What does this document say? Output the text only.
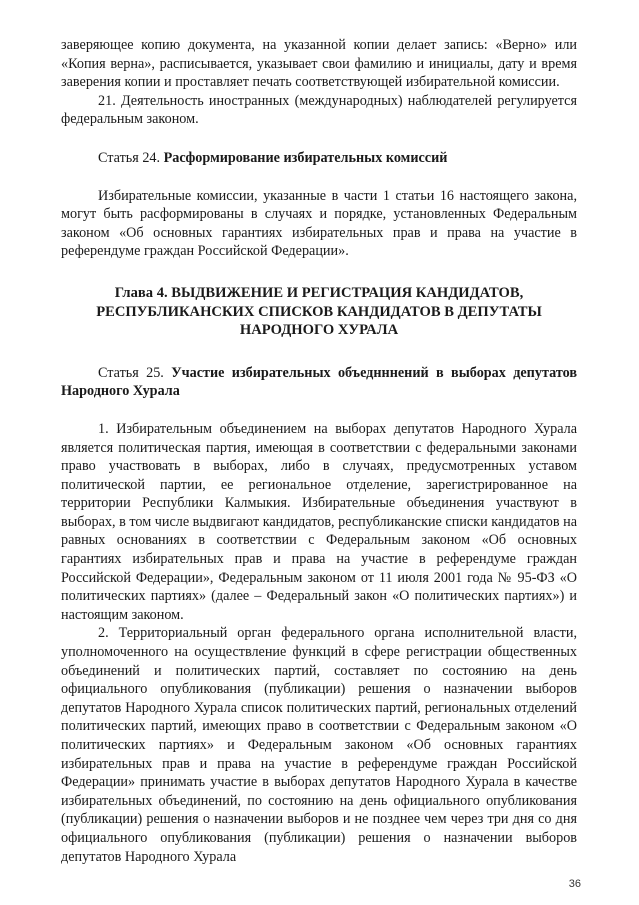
заверяющее копию документа, на указанной копии делает запись: «Верно» или «Копия верна», расписывается, указывает свои фамилию и инициалы, дату и время заверения копии и проставляет печать соответствующей избирательной комиссии.

21. Деятельность иностранных (международных) наблюдателей регулируется федеральным законом.

Статья 24. Расформирование избирательных комиссий

Избирательные комиссии, указанные в части 1 статьи 16 настоящего закона, могут быть расформированы в случаях и порядке, установленных Федеральным законом «Об основных гарантиях избирательных прав и права на участие в референдуме граждан Российской Федерации».

Глава 4. ВЫДВИЖЕНИЕ И РЕГИСТРАЦИЯ КАНДИДАТОВ, РЕСПУБЛИКАНСКИХ СПИСКОВ КАНДИДАТОВ В ДЕПУТАТЫ НАРОДНОГО ХУРАЛА

Статья 25. Участие избирательных объеднннений в выборах депутатов Народного Хурала

1. Избирательным объединением на выборах депутатов Народного Хурала является политическая партия, имеющая в соответствии с федеральными законами право участвовать в выборах, либо в случаях, предусмотренных уставом политической партии, ее региональное отделение, зарегистрированное на территории Республики Калмыкия. Избирательные объединения участвуют в выборах, в том числе выдвигают кандидатов, республиканские списки кандидатов на равных основаниях в соответствии с Федеральным законом «Об основных гарантиях избирательных прав и права на участие в референдуме граждан Российской Федерации», Федеральным законом от 11 июля 2001 года № 95-ФЗ «О политических партиях» (далее – Федеральный закон «О политических партиях») и настоящим законом.

2. Территориальный орган федерального органа исполнительной власти, уполномоченного на осуществление функций в сфере регистрации общественных объединений и политических партий, составляет по состоянию на день официального опубликования (публикации) решения о назначении выборов депутатов Народного Хурала список политических партий, региональных отделений политических партий, имеющих право в соответствии с Федеральным законом «О политических партиях» и Федеральным законом «Об основных гарантиях избирательных прав и права на участие в референдуме граждан Российской Федерации» принимать участие в выборах депутатов Народного Хурала в качестве избирательных объединений, по состоянию на день официального опубликования (публикации) решения о назначении выборов и не позднее чем через три дня со дня официального опубликования (публикации) решения о назначении выборов депутатов Народного Хурала

36
